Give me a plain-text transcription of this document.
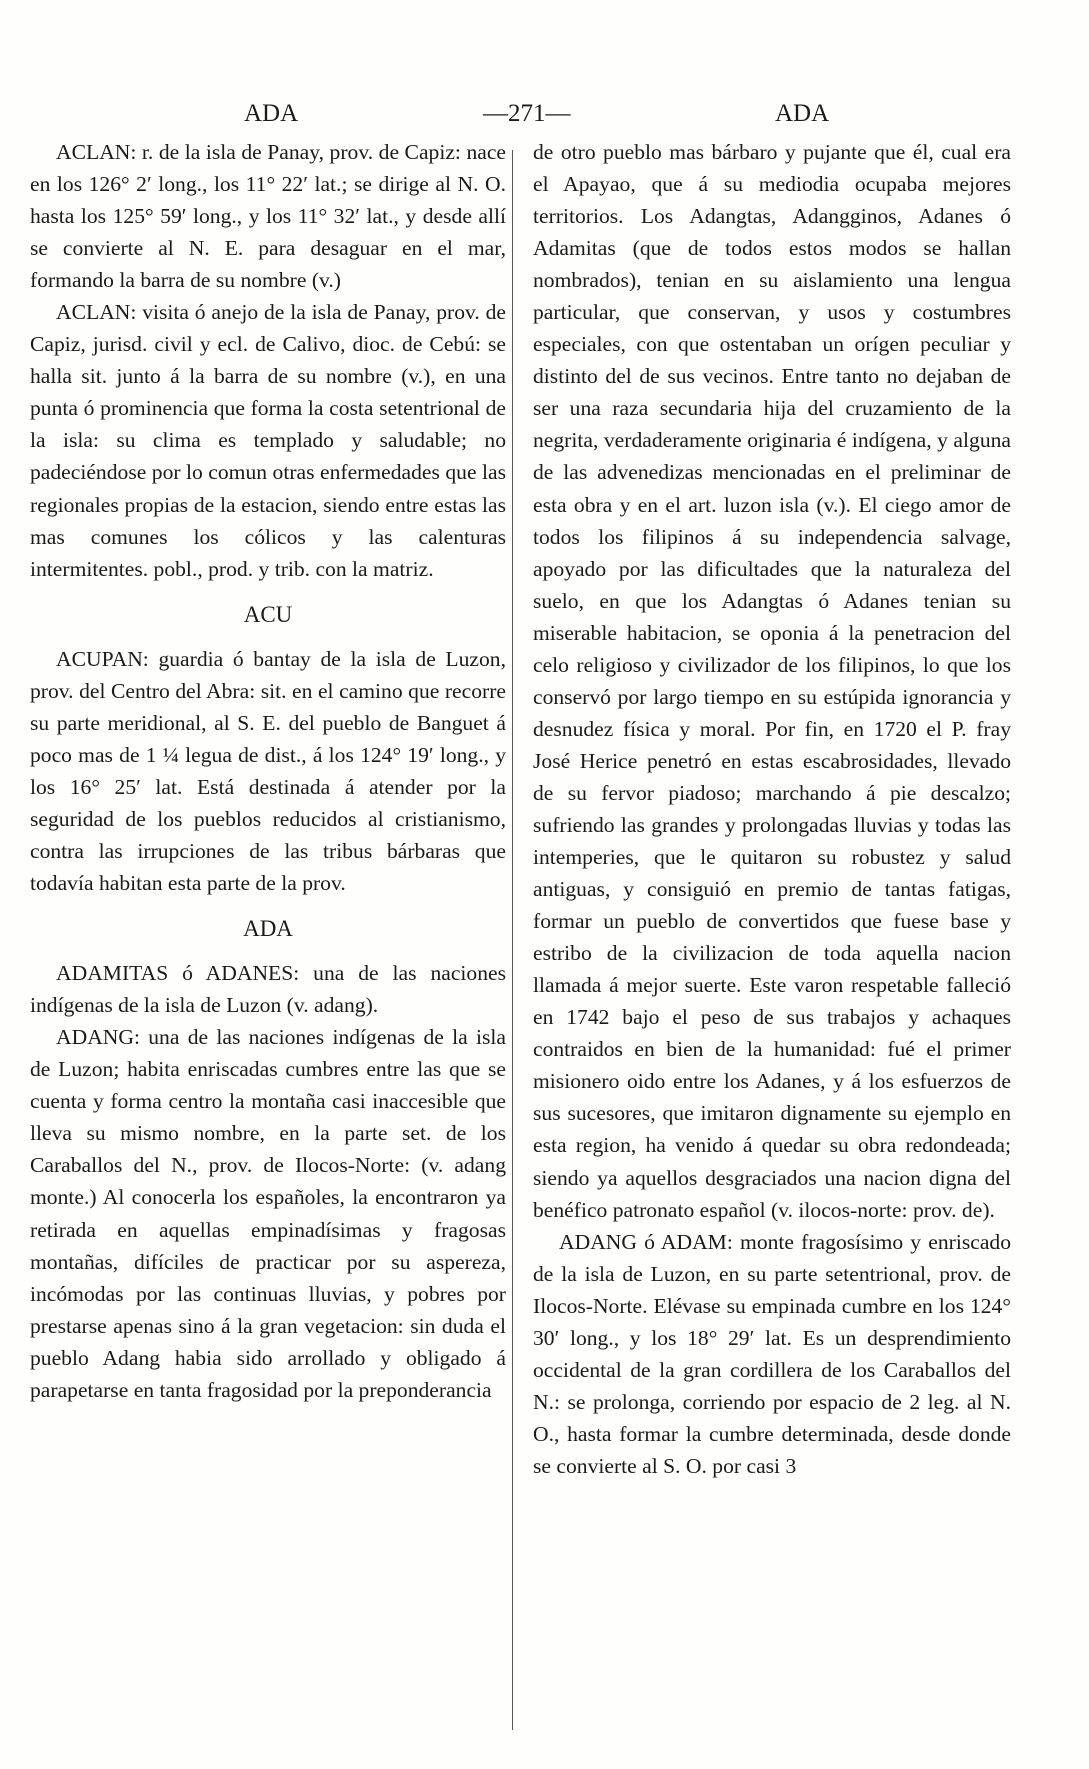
ADA	—271—	ADA

ACLAN: r. de la isla de Panay, prov. de Capiz: nace en los 126° 2′ long., los 11° 22′ lat.; se dirige al N. O. hasta los 125° 59′ long., y los 11° 32′ lat., y desde allí se convierte al N. E. para desaguar en el mar, formando la barra de su nombre (v.)

ACLAN: visita ó anejo de la isla de Panay, prov. de Capiz, jurisd. civil y ecl. de Calivo, dioc. de Cebú: se halla sit. junto á la barra de su nombre (v.), en una punta ó prominencia que forma la costa setentrional de la isla: su clima es templado y saludable; no padeciéndose por lo comun otras enfermedades que las regionales propias de la estacion, siendo entre estas las mas comunes los cólicos y las calenturas intermitentes. pobl., prod. y trib. con la matriz.

ACU

ACUPAN: guardia ó bantay de la isla de Luzon, prov. del Centro del Abra: sit. en el camino que recorre su parte meridional, al S. E. del pueblo de Banguet á poco mas de 1 ¼ legua de dist., á los 124° 19′ long., y los 16° 25′ lat. Está destinada á atender por la seguridad de los pueblos reducidos al cristianismo, contra las irrupciones de las tribus bárbaras que todavía habitan esta parte de la prov.

ADA

ADAMITAS ó ADANES: una de las naciones indígenas de la isla de Luzon (v. adang).

ADANG: una de las naciones indígenas de la isla de Luzon; habita enriscadas cumbres entre las que se cuenta y forma centro la montaña casi inaccesible que lleva su mismo nombre, en la parte set. de los Caraballos del N., prov. de Ilocos-Norte: (v. adang monte.) Al conocerla los españoles, la encontraron ya retirada en aquellas empinadísimas y fragosas montañas, difíciles de practicar por su aspereza, incómodas por las continuas lluvias, y pobres por prestarse apenas sino á la gran vegetacion: sin duda el pueblo Adang habia sido arrollado y obligado á parapetarse en tanta fragosidad por la preponderancia

de otro pueblo mas bárbaro y pujante que él, cual era el Apayao, que á su mediodia ocupaba mejores territorios. Los Adangtas, Adangginos, Adanes ó Adamitas (que de todos estos modos se hallan nombrados), tenian en su aislamiento una lengua particular, que conservan, y usos y costumbres especiales, con que ostentaban un orígen peculiar y distinto del de sus vecinos. Entre tanto no dejaban de ser una raza secundaria hija del cruzamiento de la negrita, verdaderamente originaria é indígena, y alguna de las advenedizas mencionadas en el preliminar de esta obra y en el art. luzon isla (v.). El ciego amor de todos los filipinos á su independencia salvage, apoyado por las dificultades que la naturaleza del suelo, en que los Adangtas ó Adanes tenian su miserable habitacion, se oponia á la penetracion del celo religioso y civilizador de los filipinos, lo que los conservó por largo tiempo en su estúpida ignorancia y desnudez física y moral. Por fin, en 1720 el P. fray José Herice penetró en estas escabrosidades, llevado de su fervor piadoso; marchando á pie descalzo; sufriendo las grandes y prolongadas lluvias y todas las intemperies, que le quitaron su robustez y salud antiguas, y consiguió en premio de tantas fatigas, formar un pueblo de convertidos que fuese base y estribo de la civilizacion de toda aquella nacion llamada á mejor suerte. Este varon respetable falleció en 1742 bajo el peso de sus trabajos y achaques contraidos en bien de la humanidad: fué el primer misionero oido entre los Adanes, y á los esfuerzos de sus sucesores, que imitaron dignamente su ejemplo en esta region, ha venido á quedar su obra redondeada; siendo ya aquellos desgraciados una nacion digna del benéfico patronato español (v. ilocos-norte: prov. de).

ADANG ó ADAM: monte fragosísimo y enriscado de la isla de Luzon, en su parte setentrional, prov. de Ilocos-Norte. Elévase su empinada cumbre en los 124° 30′ long., y los 18° 29′ lat. Es un desprendimiento occidental de la gran cordillera de los Caraballos del N.: se prolonga, corriendo por espacio de 2 leg. al N. O., hasta formar la cumbre determinada, desde donde se convierte al S. O. por casi 3
